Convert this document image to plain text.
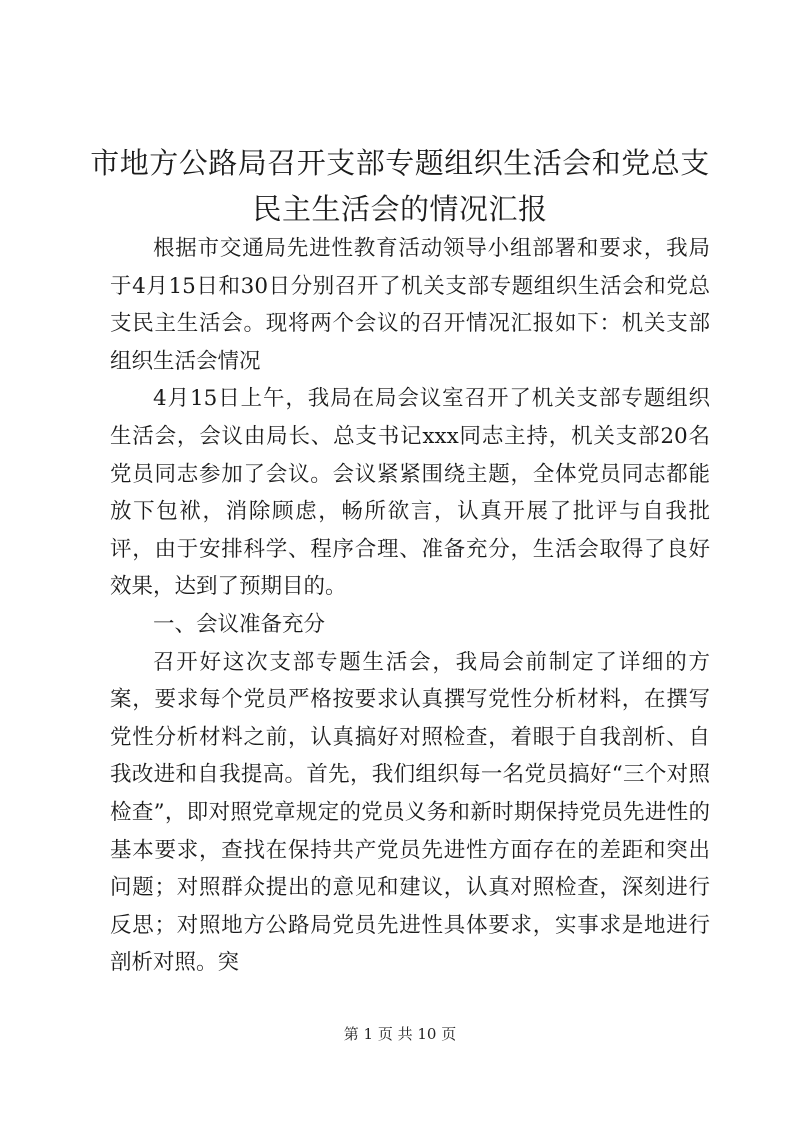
市地方公路局召开支部专题组织生活会和党总支民主生活会的情况汇报

根据市交通局先进性教育活动领导小组部署和要求，我局于4月15日和30日分别召开了机关支部专题组织生活会和党总支民主生活会。现将两个会议的召开情况汇报如下：机关支部组织生活会情况

4月15日上午，我局在局会议室召开了机关支部专题组织生活会，会议由局长、总支书记xxx同志主持，机关支部20名党员同志参加了会议。会议紧紧围绕主题，全体党员同志都能放下包袱，消除顾虑，畅所欲言，认真开展了批评与自我批评，由于安排科学、程序合理、准备充分，生活会取得了良好效果，达到了预期目的。

一、会议准备充分

召开好这次支部专题生活会，我局会前制定了详细的方案，要求每个党员严格按要求认真撰写党性分析材料，在撰写党性分析材料之前，认真搞好对照检查，着眼于自我剖析、自我改进和自我提高。首先，我们组织每一名党员搞好“三个对照检查”，即对照党章规定的党员义务和新时期保持党员先进性的基本要求，查找在保持共产党员先进性方面存在的差距和突出问题；对照群众提出的意见和建议，认真对照检查，深刻进行反思；对照地方公路局党员先进性具体要求，实事求是地进行剖析对照。突

第 1 页 共 10 页
